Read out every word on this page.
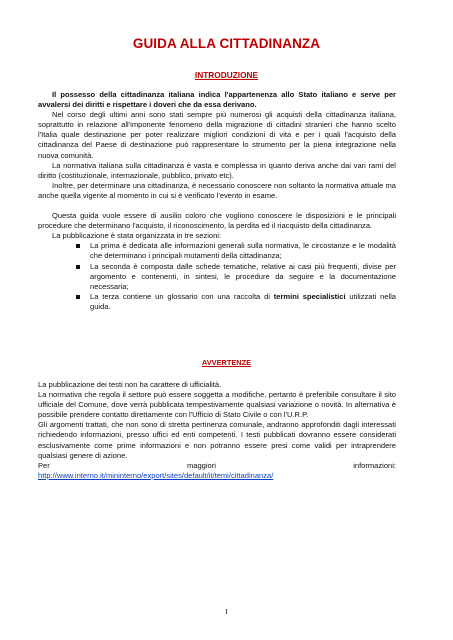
GUIDA ALLA CITTADINANZA
INTRODUZIONE

Il possesso della cittadinanza italiana indica l'appartenenza allo Stato italiano e serve per avvalersi dei diritti e rispettare i doveri che da essa derivano.

Nel corso degli ultimi anni sono stati sempre più numerosi gli acquisti della cittadinanza italiana, soprattutto in relazione all'imponente fenomeno della migrazione di cittadini stranieri che hanno scelto l'Italia quale destinazione per poter realizzare migliori condizioni di vita e per i quali l'acquisto della cittadinanza del Paese di destinazione può rappresentare lo strumento per la piena integrazione nella nuova comunità.

La normativa italiana sulla cittadinanza è vasta e complessa in quanto deriva anche dai vari rami del diritto (costituzionale, internazionale, pubblico, privato etc).

Inoltre, per determinare una cittadinanza, è necessario conoscere non soltanto la normativa attuale ma anche quella vigente al momento in cui si è verificato l'evento in esame.

Questa guida vuole essere di ausilio coloro che vogliono conoscere le disposizioni e le principali procedure che determinano l'acquisto, il riconoscimento, la perdita ed il riacquisto della cittadinanza.

La pubblicazione è stata organizzata in tre sezioni:

La prima è dedicata alle informazioni generali sulla normativa, le circostanze e le modalità che determinano i principali mutamenti della cittadinanza;
La seconda è composta dalle schede tematiche, relative ai casi più frequenti, divise per argomento e contenenti, in sintesi, le procedure da seguire e la documentazione necessaria;
La terza contiene un glossario con una raccolta di termini specialistici utilizzati nella guida.
AVVERTENZE

La pubblicazione dei testi non ha carattere di ufficialità.

La normativa che regola il settore può essere soggetta a modifiche, pertanto è preferibile consultare il sito ufficiale del Comune, dove verrà pubblicata tempestivamente qualsiasi variazione o novità. In alternativa è possibile prendere contatto direttamente con l'Ufficio di Stato Civile o con l'U.R.P.

Gli argomenti trattati, che non sono di stretta pertinenza comunale, andranno approfonditi dagli interessati richiedendo informazioni, presso uffici ed enti competenti. I testi pubblicati dovranno essere considerati esclusivamente come prime informazioni e non potranno essere presi come validi per intraprendere qualsiasi genere di azione.

Per	maggiori	informazioni:

http://www.interno.it/mininterno/export/sites/default/it/temi/cittadinanza/

I
